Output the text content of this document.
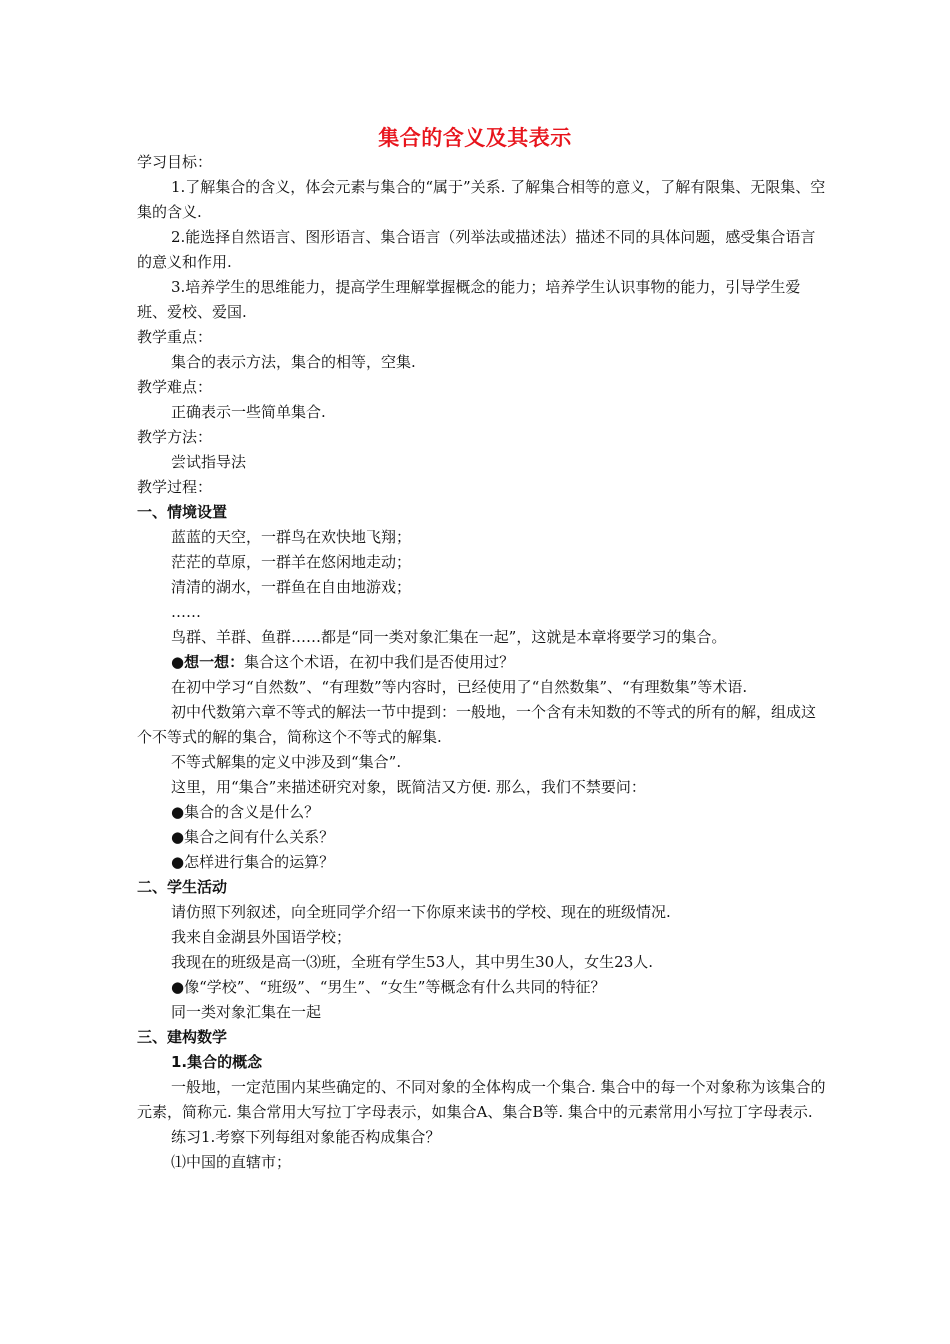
集合的含义及其表示

学习目标：

1.了解集合的含义，体会元素与集合的“属于”关系. 了解集合相等的意义，了解有限集、无限集、空集的含义.

2.能选择自然语言、图形语言、集合语言（列举法或描述法）描述不同的具体问题，感受集合语言的意义和作用.

3.培养学生的思维能力，提高学生理解掌握概念的能力；培养学生认识事物的能力，引导学生爱班、爱校、爱国.

教学重点：

集合的表示方法，集合的相等，空集.

教学难点：

正确表示一些简单集合.

教学方法：

尝试指导法

教学过程：

一、情境设置

蓝蓝的天空，一群鸟在欢快地飞翔；

茫茫的草原，一群羊在悠闲地走动；

清清的湖水，一群鱼在自由地游戏；

……

鸟群、羊群、鱼群……都是“同一类对象汇集在一起”，这就是本章将要学习的集合。

●想一想：集合这个术语，在初中我们是否使用过？

在初中学习“自然数”、“有理数”等内容时，已经使用了“自然数集”、“有理数集”等术语.

初中代数第六章不等式的解法一节中提到：一般地，一个含有未知数的不等式的所有的解，组成这个不等式的解的集合，简称这个不等式的解集.

不等式解集的定义中涉及到“集合”.

这里，用“集合”来描述研究对象，既简洁又方便. 那么，我们不禁要问：

●集合的含义是什么？

●集合之间有什么关系？

●怎样进行集合的运算？

二、学生活动

请仿照下列叙述，向全班同学介绍一下你原来读书的学校、现在的班级情况.

我来自金湖县外国语学校；

我现在的班级是高一⑶班，全班有学生53人，其中男生30人，女生23人.

●像“学校”、“班级”、“男生”、“女生”等概念有什么共同的特征？

同一类对象汇集在一起

三、建构数学

1.集合的概念

一般地，一定范围内某些确定的、不同对象的全体构成一个集合. 集合中的每一个对象称为该集合的元素，简称元. 集合常用大写拉丁字母表示，如集合A、集合B等. 集合中的元素常用小写拉丁字母表示.

练习1.考察下列每组对象能否构成集合？

⑴中国的直辖市；
